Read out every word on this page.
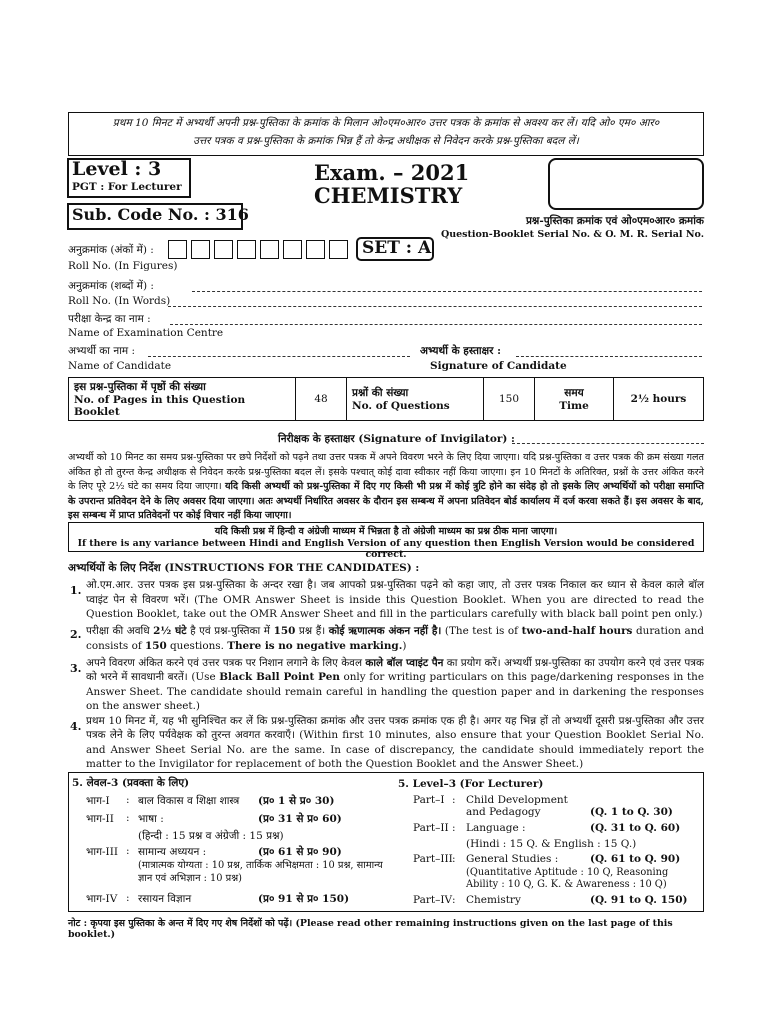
प्रथम 10 मिनट में अभ्यर्थी अपनी प्रश्न-पुस्तिका के क्रमांक के मिलान ओ०एम०आर० उत्तर पत्रक के क्रमांक से अवश्य कर लें। यदि ओ० एम० आर०
उत्तर पत्रक व प्रश्न-पुस्तिका के क्रमांक भिन्न हैं तो केन्द्र अधीक्षक से निवेदन करके प्रश्न-पुस्तिका बदल लें।
Level : 3
PGT : For Lecturer
Sub. Code No. : 316
Exam. – 2021
CHEMISTRY
प्रश्न-पुस्तिका क्रमांक एवं ओ०एम०आर० क्रमांक
Question-Booklet Serial No. & O. M. R. Serial No.
अनुक्रमांक (अंकों में) :
Roll No. (In Figures)
SET : A
अनुक्रमांक (शब्दों में) :
Roll No. (In Words)
परीक्षा केन्द्र का नाम :
Name of Examination Centre
अभ्यर्थी का नाम :
Name of Candidate
अभ्यर्थी के हस्ताक्षर :
Signature of Candidate
इस प्रश्न-पुस्तिका में पृष्ठों की संख्या
No. of Pages in this Question Booklet
	48	प्रश्नों की संख्या
No. of Questions
	150	समय
Time
	2½ hours
निरीक्षक के हस्ताक्षर (Signature of Invigilator) :
अभ्यर्थी को 10 मिनट का समय प्रश्न-पुस्तिका पर छपे निर्देशों को पढ़ने तथा उत्तर पत्रक में अपने विवरण भरने के लिए दिया जाएगा। यदि प्रश्न-पुस्तिका व उत्तर पत्रक की क्रम संख्या गलत अंकित हो तो तुरन्त केन्द्र अधीक्षक से निवेदन करके प्रश्न-पुस्तिका बदल लें। इसके पश्चात् कोई दावा स्वीकार नहीं किया जाएगा। इन 10 मिनटों के अतिरिक्त, प्रश्नों के उत्तर अंकित करने के लिए पूरे 2½ घंटे का समय दिया जाएगा। यदि किसी अभ्यर्थी को प्रश्न-पुस्तिका में दिए गए किसी भी प्रश्न में कोई त्रुटि होने का संदेह हो तो इसके लिए अभ्यर्थियों को परीक्षा समाप्ति के उपरान्त प्रतिवेदन देने के लिए अवसर दिया जाएगा। अतः अभ्यर्थी निर्धारित अवसर के दौरान इस सम्बन्ध में अपना प्रतिवेदन बोर्ड कार्यालय में दर्ज करवा सकते हैं। इस अवसर के बाद, इस सम्बन्ध में प्राप्त प्रतिवेदनों पर कोई विचार नहीं किया जाएगा।
यदि किसी प्रश्न में हिन्दी व अंग्रेजी माध्यम में भिन्नता है तो अंग्रेजी माध्यम का प्रश्न ठीक माना जाएगा।
If there is any variance between Hindi and English Version of any question then English Version would be considered correct.
अभ्यर्थियों के लिए निर्देश (INSTRUCTIONS FOR THE CANDIDATES) :
1. ओ.एम.आर. उत्तर पत्रक इस प्रश्न-पुस्तिका के अन्दर रखा है। जब आपको प्रश्न-पुस्तिका पढ़ने को कहा जाए, तो उत्तर पत्रक निकाल कर ध्यान से केवल काले बॉल प्वाइंट पेन से विवरण भरें। (The OMR Answer Sheet is inside this Question Booklet. When you are directed to read the Question Booklet, take out the OMR Answer Sheet and fill in the particulars carefully with black ball point pen only.)
2. परीक्षा की अवधि 2½ घंटे है एवं प्रश्न-पुस्तिका में 150 प्रश्न हैं। कोई ऋणात्मक अंकन नहीं है। (The test is of two-and-half hours duration and consists of 150 questions. There is no negative marking.)
3. अपने विवरण अंकित करने एवं उत्तर पत्रक पर निशान लगाने के लिए केवल काले बॉल प्वाइंट पैन का प्रयोग करें। अभ्यर्थी प्रश्न-पुस्तिका का उपयोग करने एवं उत्तर पत्रक को भरने में सावधानी बरतें। (Use Black Ball Point Pen only for writing particulars on this page/darkening responses in the Answer Sheet. The candidate should remain careful in handling the question paper and in darkening the responses on the answer sheet.)
4. प्रथम 10 मिनट में, यह भी सुनिश्चित कर लें कि प्रश्न-पुस्तिका क्रमांक और उत्तर पत्रक क्रमांक एक ही है। अगर यह भिन्न हों तो अभ्यर्थी दूसरी प्रश्न-पुस्तिका और उत्तर पत्रक लेने के लिए पर्यवेक्षक को तुरन्त अवगत करवाएँ। (Within first 10 minutes, also ensure that your Question Booklet Serial No. and Answer Sheet Serial No. are the same. In case of discrepancy, the candidate should immediately report the matter to the Invigilator for replacement of both the Question Booklet and the Answer Sheet.)
5. लेवल-3 (प्रवक्ता के लिए)
भाग-I : बाल विकास व शिक्षा शास्त्र (प्र० 1 से प्र० 30)
भाग-II : भाषा :	(प्र० 31 से प्र० 60)
(हिन्दी : 15 प्रश्न व अंग्रेजी : 15 प्रश्न)
भाग-III : सामान्य अध्ययन :	(प्र० 61 से प्र० 90)
(मात्रात्मक योग्यता : 10 प्रश्न, तार्किक अभिक्षमता : 10 प्रश्न, सामान्य ज्ञान एवं अभिज्ञान : 10 प्रश्न)
भाग-IV : रसायन विज्ञान	(प्र० 91 से प्र० 150)
5. Level–3 (For Lecturer)
Part–I : Child Development
and Pedagogy	(Q. 1 to Q. 30)
Part–II : Language :	(Q. 31 to Q. 60)
(Hindi : 15 Q. & English : 15 Q.)
Part–III : General Studies :	(Q. 61 to Q. 90)
(Quantitative Aptitude : 10 Q, Reasoning Ability : 10 Q, G. K. & Awareness : 10 Q)
Part–IV : Chemistry	(Q. 91 to Q. 150)
नोट : कृपया इस पुस्तिका के अन्त में दिए गए शेष निर्देशों को पढ़ें। (Please read other remaining instructions given on the last page of this booklet.)
